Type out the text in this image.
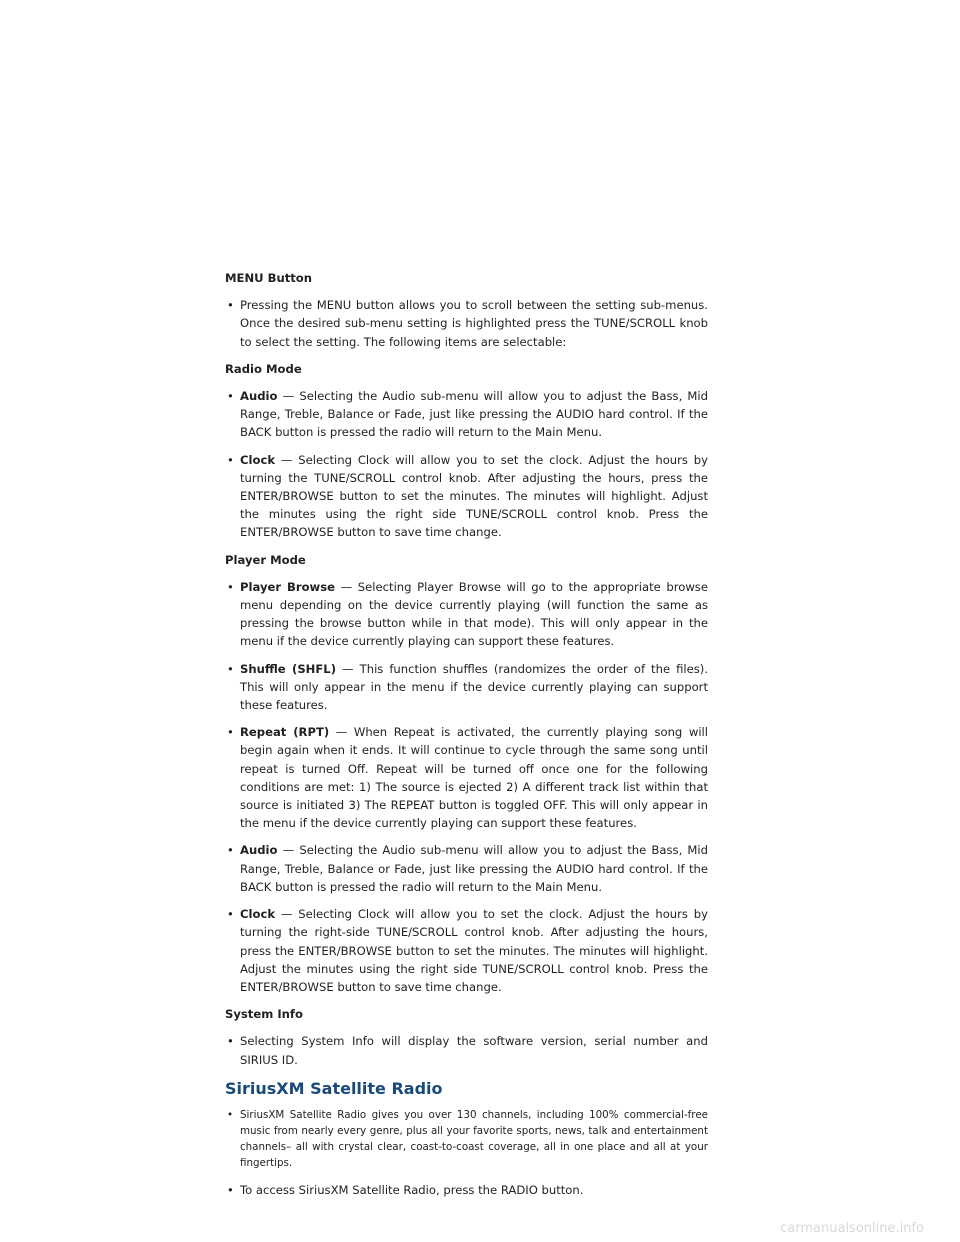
MENU Button
• Pressing the MENU button allows you to scroll between the setting sub-menus. Once the desired sub-menu setting is highlighted press the TUNE/SCROLL knob to select the setting. The following items are selectable:
Radio Mode
• Audio — Selecting the Audio sub-menu will allow you to adjust the Bass, Mid Range, Treble, Balance or Fade, just like pressing the AUDIO hard control. If the BACK button is pressed the radio will return to the Main Menu.
• Clock — Selecting Clock will allow you to set the clock. Adjust the hours by turning the TUNE/SCROLL control knob. After adjusting the hours, press the ENTER/BROWSE button to set the minutes. The minutes will highlight. Adjust the minutes using the right side TUNE/SCROLL control knob. Press the ENTER/BROWSE button to save time change.
Player Mode
• Player Browse — Selecting Player Browse will go to the appropriate browse menu depending on the device currently playing (will function the same as pressing the browse button while in that mode). This will only appear in the menu if the device currently playing can support these features.
• Shuffle (SHFL) — This function shuffles (randomizes the order of the files). This will only appear in the menu if the device currently playing can support these features.
• Repeat (RPT) — When Repeat is activated, the currently playing song will begin again when it ends. It will continue to cycle through the same song until repeat is turned Off. Repeat will be turned off once one for the following conditions are met: 1) The source is ejected 2) A different track list within that source is initiated 3) The REPEAT button is toggled OFF. This will only appear in the menu if the device currently playing can support these features.
• Audio — Selecting the Audio sub-menu will allow you to adjust the Bass, Mid Range, Treble, Balance or Fade, just like pressing the AUDIO hard control. If the BACK button is pressed the radio will return to the Main Menu.
• Clock — Selecting Clock will allow you to set the clock. Adjust the hours by turning the right-side TUNE/SCROLL control knob. After adjusting the hours, press the ENTER/BROWSE button to set the minutes. The minutes will highlight. Adjust the minutes using the right side TUNE/SCROLL control knob. Press the ENTER/BROWSE button to save time change.
System Info
• Selecting System Info will display the software version, serial number and SIRIUS ID.
SiriusXM Satellite Radio
• SiriusXM Satellite Radio gives you over 130 channels, including 100% commercial-free music from nearly every genre, plus all your favorite sports, news, talk and entertainment channels– all with crystal clear, coast-to-coast coverage, all in one place and all at your fingertips.
• To access SiriusXM Satellite Radio, press the RADIO button.
carmanualsonline.info
